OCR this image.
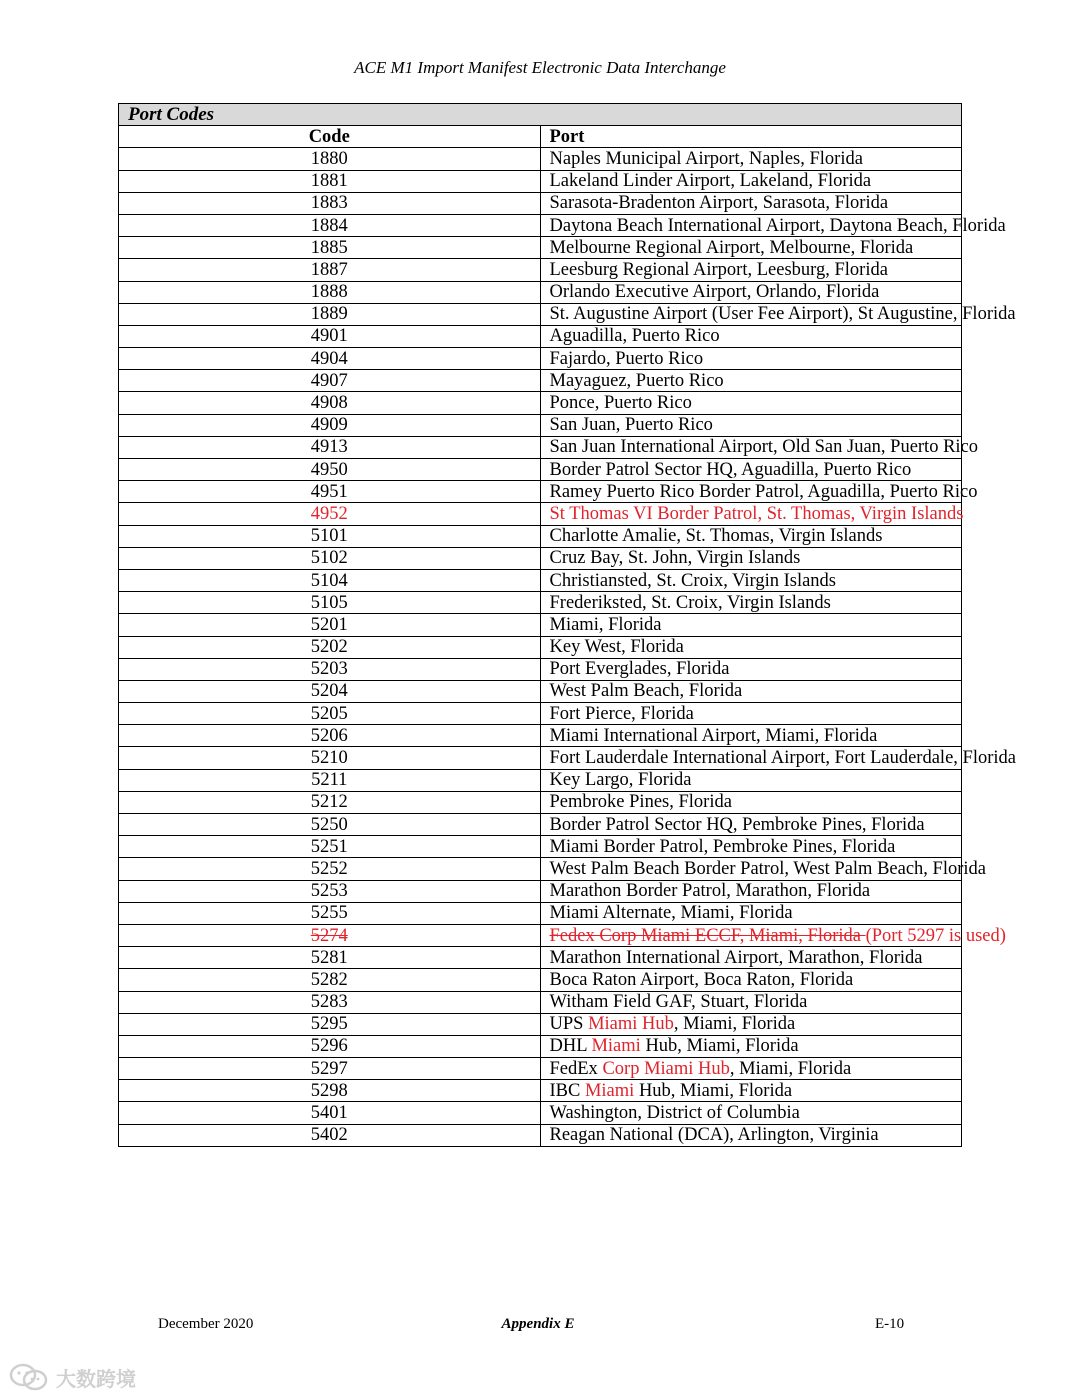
ACE M1 Import Manifest Electronic Data Interchange
Port Codes	
Code	Port
1880	Naples Municipal Airport, Naples, Florida
1881	Lakeland Linder Airport, Lakeland, Florida
1883	Sarasota-Bradenton Airport, Sarasota, Florida
1884	Daytona Beach International Airport, Daytona Beach, Florida
1885	Melbourne Regional Airport, Melbourne, Florida
1887	Leesburg Regional Airport, Leesburg, Florida
1888	Orlando Executive Airport, Orlando, Florida
1889	St. Augustine Airport (User Fee Airport), St Augustine, Florida
4901	Aguadilla, Puerto Rico
4904	Fajardo, Puerto Rico
4907	Mayaguez, Puerto Rico
4908	Ponce, Puerto Rico
4909	San Juan, Puerto Rico
4913	San Juan International Airport, Old San Juan, Puerto Rico
4950	Border Patrol Sector HQ, Aguadilla, Puerto Rico
4951	Ramey Puerto Rico Border Patrol, Aguadilla, Puerto Rico
4952	St Thomas VI Border Patrol, St. Thomas, Virgin Islands
5101	Charlotte Amalie, St. Thomas, Virgin Islands
5102	Cruz Bay, St. John, Virgin Islands
5104	Christiansted, St. Croix, Virgin Islands
5105	Frederiksted, St. Croix, Virgin Islands
5201	Miami, Florida
5202	Key West, Florida
5203	Port Everglades, Florida
5204	West Palm Beach, Florida
5205	Fort Pierce, Florida
5206	Miami International Airport, Miami, Florida
5210	Fort Lauderdale International Airport, Fort Lauderdale, Florida
5211	Key Largo, Florida
5212	Pembroke Pines, Florida
5250	Border Patrol Sector HQ, Pembroke Pines, Florida
5251	Miami Border Patrol, Pembroke Pines, Florida
5252	West Palm Beach Border Patrol, West Palm Beach, Florida
5253	Marathon Border Patrol, Marathon, Florida
5255	Miami Alternate, Miami, Florida
5274	Fedex Corp Miami ECCF, Miami, Florida (Port 5297 is used)
5281	Marathon International Airport, Marathon, Florida
5282	Boca Raton Airport, Boca Raton, Florida
5283	Witham Field GAF, Stuart, Florida
5295	UPS Miami Hub, Miami, Florida
5296	DHL Miami Hub, Miami, Florida
5297	FedEx Corp Miami Hub, Miami, Florida
5298	IBC Miami Hub, Miami, Florida
5401	Washington, District of Columbia
5402	Reagan National (DCA), Arlington, Virginia
December 2020	Appendix E	E-10
大数跨境
